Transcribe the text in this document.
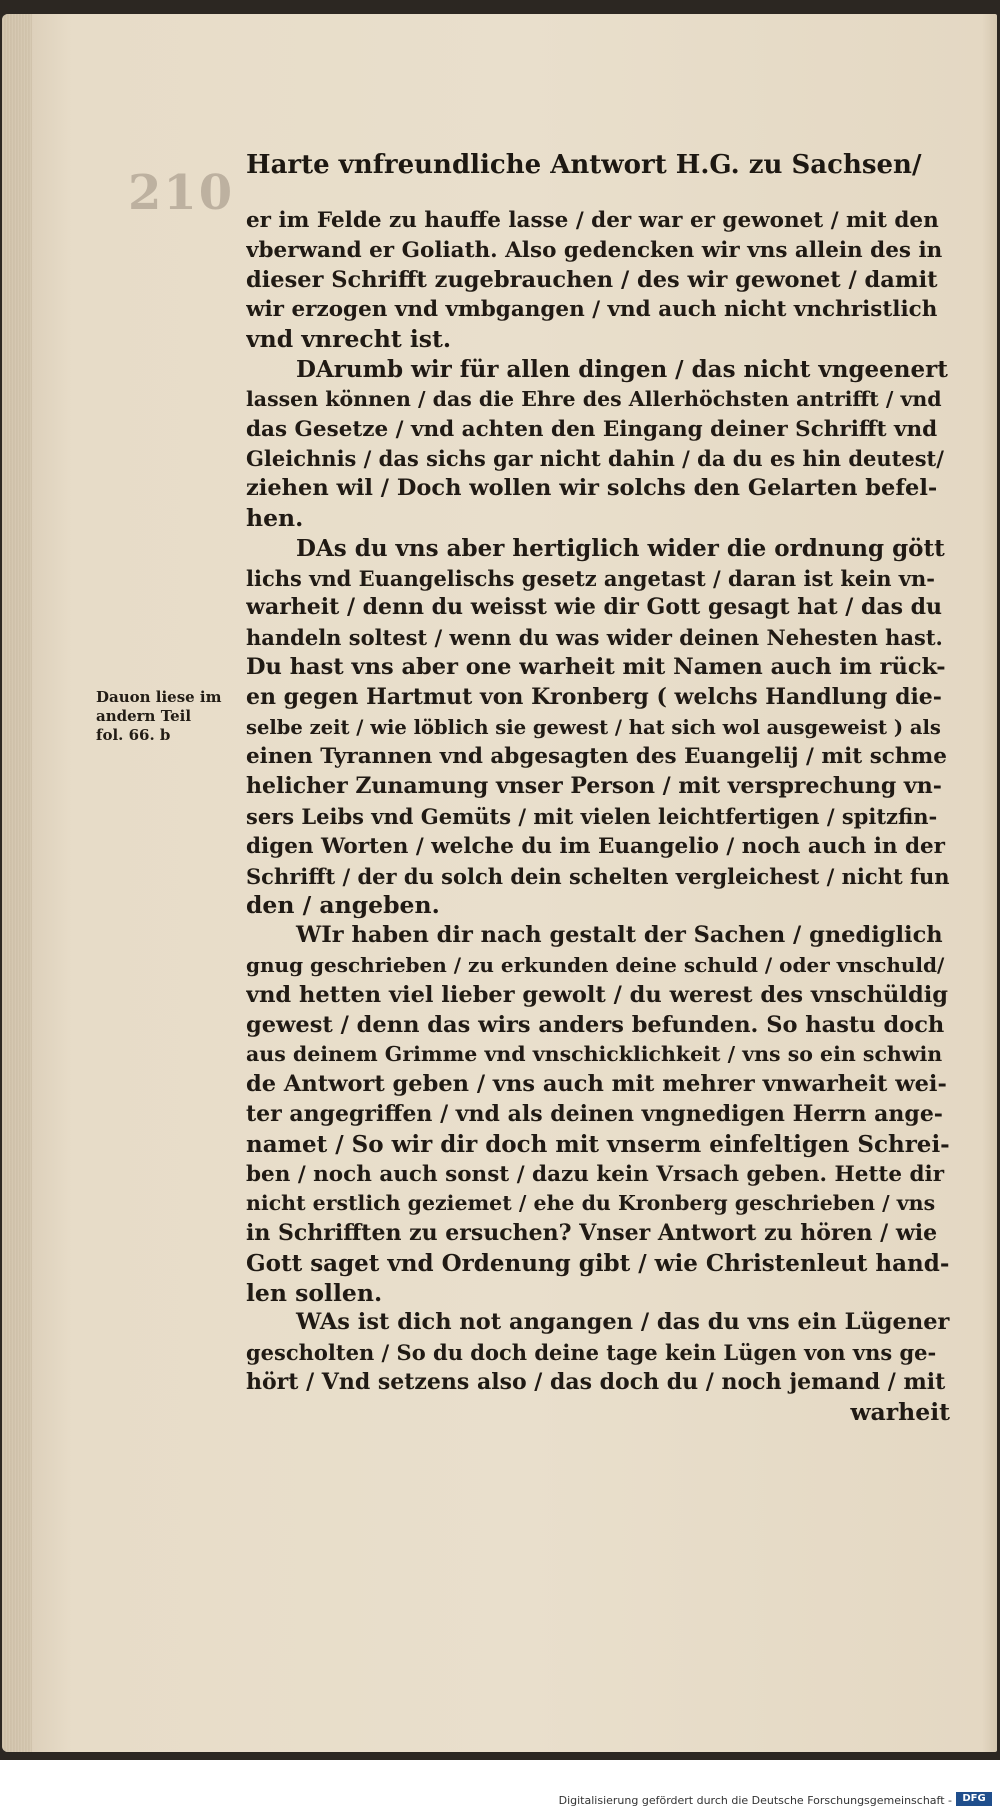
210 Harte vnfreundliche Antwort H.G. zu Sachsen/
Dauon liese im
andern Teil
fol. 66. b
er im Felde zu hauffe lasse / der war er gewonet / mit den
vberwand er Goliath. Also gedencken wir vns allein des in
dieser Schrifft zugebrauchen / des wir gewonet / damit
wir erzogen vnd vmbgangen / vnd auch nicht vnchristlich
vnd vnrecht ist.
DArumb wir für allen dingen / das nicht vngeenert
lassen können / das die Ehre des Allerhöchsten antrifft / vnd
das Gesetze / vnd achten den Eingang deiner Schrifft vnd
Gleichnis / das sichs gar nicht dahin / da du es hin deutest/
ziehen wil / Doch wollen wir solchs den Gelarten befel-
hen.
DAs du vns aber hertiglich wider die ordnung gött
lichs vnd Euangelischs gesetz angetast / daran ist kein vn-
warheit / denn du weisst wie dir Gott gesagt hat / das du
handeln soltest / wenn du was wider deinen Nehesten hast.
Du hast vns aber one warheit mit Namen auch im rück-
en gegen Hartmut von Kronberg ( welchs Handlung die-
selbe zeit / wie löblich sie gewest / hat sich wol ausgeweist ) als
einen Tyrannen vnd abgesagten des Euangelij / mit schme
helicher Zunamung vnser Person / mit versprechung vn-
sers Leibs vnd Gemüts / mit vielen leichtfertigen / spitzfin-
digen Worten / welche du im Euangelio / noch auch in der
Schrifft / der du solch dein schelten vergleichest / nicht fun
den / angeben.
WIr haben dir nach gestalt der Sachen / gnediglich
gnug geschrieben / zu erkunden deine schuld / oder vnschuld/
vnd hetten viel lieber gewolt / du werest des vnschüldig
gewest / denn das wirs anders befunden. So hastu doch
aus deinem Grimme vnd vnschicklichkeit / vns so ein schwin
de Antwort geben / vns auch mit mehrer vnwarheit wei-
ter angegriffen / vnd als deinen vngnedigen Herrn ange-
namet / So wir dir doch mit vnserm einfeltigen Schrei-
ben / noch auch sonst / dazu kein Vrsach geben. Hette dir
nicht erstlich geziemet / ehe du Kronberg geschrieben / vns
in Schrifften zu ersuchen? Vnser Antwort zu hören / wie
Gott saget vnd Ordenung gibt / wie Christenleut hand-
len sollen.
WAs ist dich not angangen / das du vns ein Lügener
gescholten / So du doch deine tage kein Lügen von vns ge-
hört / Vnd setzens also / das doch du / noch jemand / mit
warheit
Digitalisierung gefördert durch die Deutsche Forschungsgemeinschaft -	DFG
